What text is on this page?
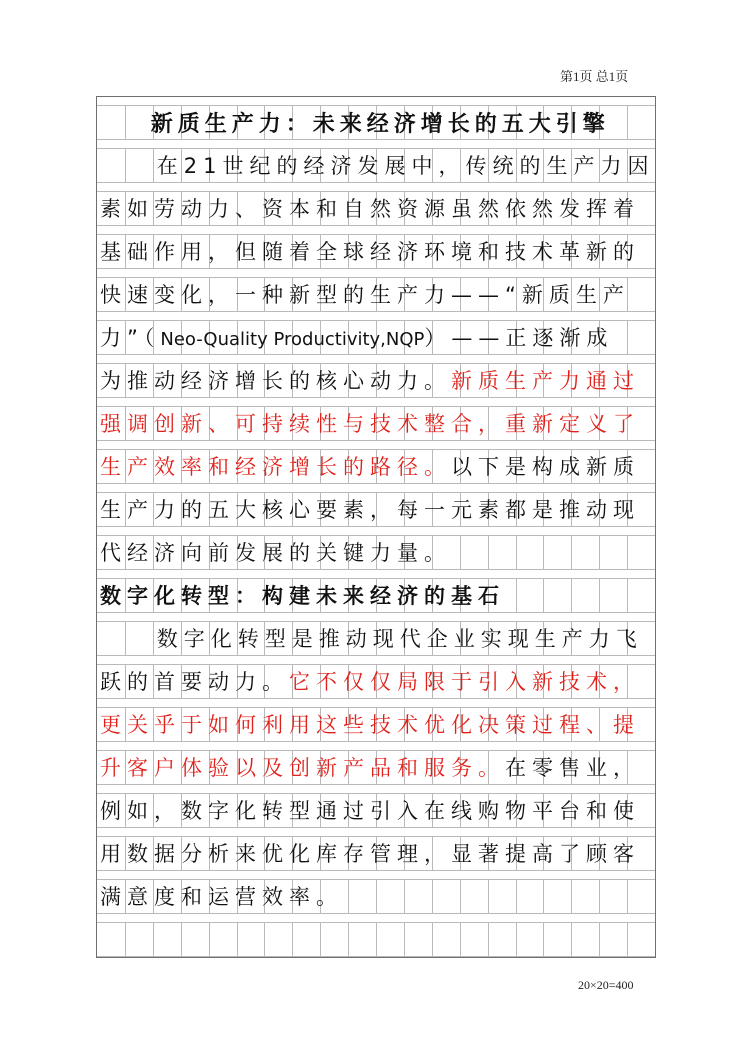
第1页 总1页
新质生产力：未来经济增长的五大引擎
在21世纪的经济发展中，传统的生产力因
素如劳动力、资本和自然资源虽然依然发挥着
基础作用，但随着全球经济环境和技术革新的
快速变化，一种新型的生产力——“新质生产
力”（Neo-Quality Productivity,NQP）——正逐渐成
为推动经济增长的核心动力。 新质生产力通过
强调创新、可持续性与技术整合，重新定义了
生产效率和经济增长的路径。 以下是构成新质
生产力的五大核心要素，每一元素都是推动现
代经济向前发展的关键力量。
数字化转型：构建未来经济的基石
数字化转型是推动现代企业实现生产力飞
跃的首要动力。 它不仅仅局限于引入新技术，
更关乎于如何利用这些技术优化决策过程、提
升客户体验以及创新产品和服务。 在零售业，
例如，数字化转型通过引入在线购物平台和使
用数据分析来优化库存管理，显著提高了顾客
满意度和运营效率。
20×20=400
